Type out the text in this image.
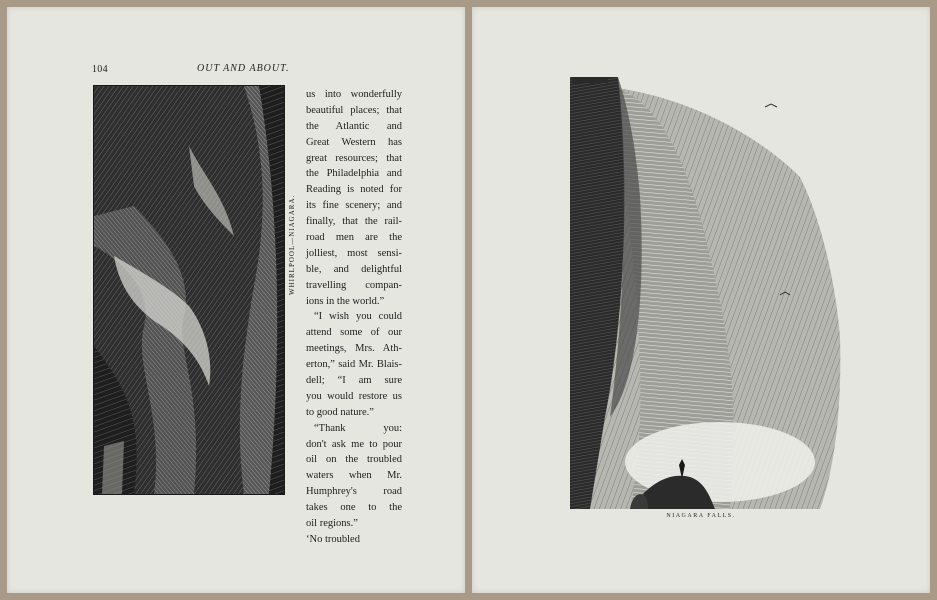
104	OUT AND ABOUT.
WHIRLPOOL—NIAGARA.
us into wonderfully
beautiful places; that
the Atlantic and
Great Western has
great resources; that
the Philadelphia and
Reading is noted for
its fine scenery; and
finally, that the rail-
road men are the
jolliest, most sensi-
ble, and delightful
travelling compan-
ions in the world.”
“I wish you could
attend some of our
meetings, Mrs. Ath-
erton,” said Mr. Blais-
dell; “I am sure
you would restore us
to good nature.”
“Thank you:
don't ask me to pour
oil on the troubled
waters when Mr.
Humphrey's road
takes one to the
oil regions.”
‘No troubled
NIAGARA FALLS.
